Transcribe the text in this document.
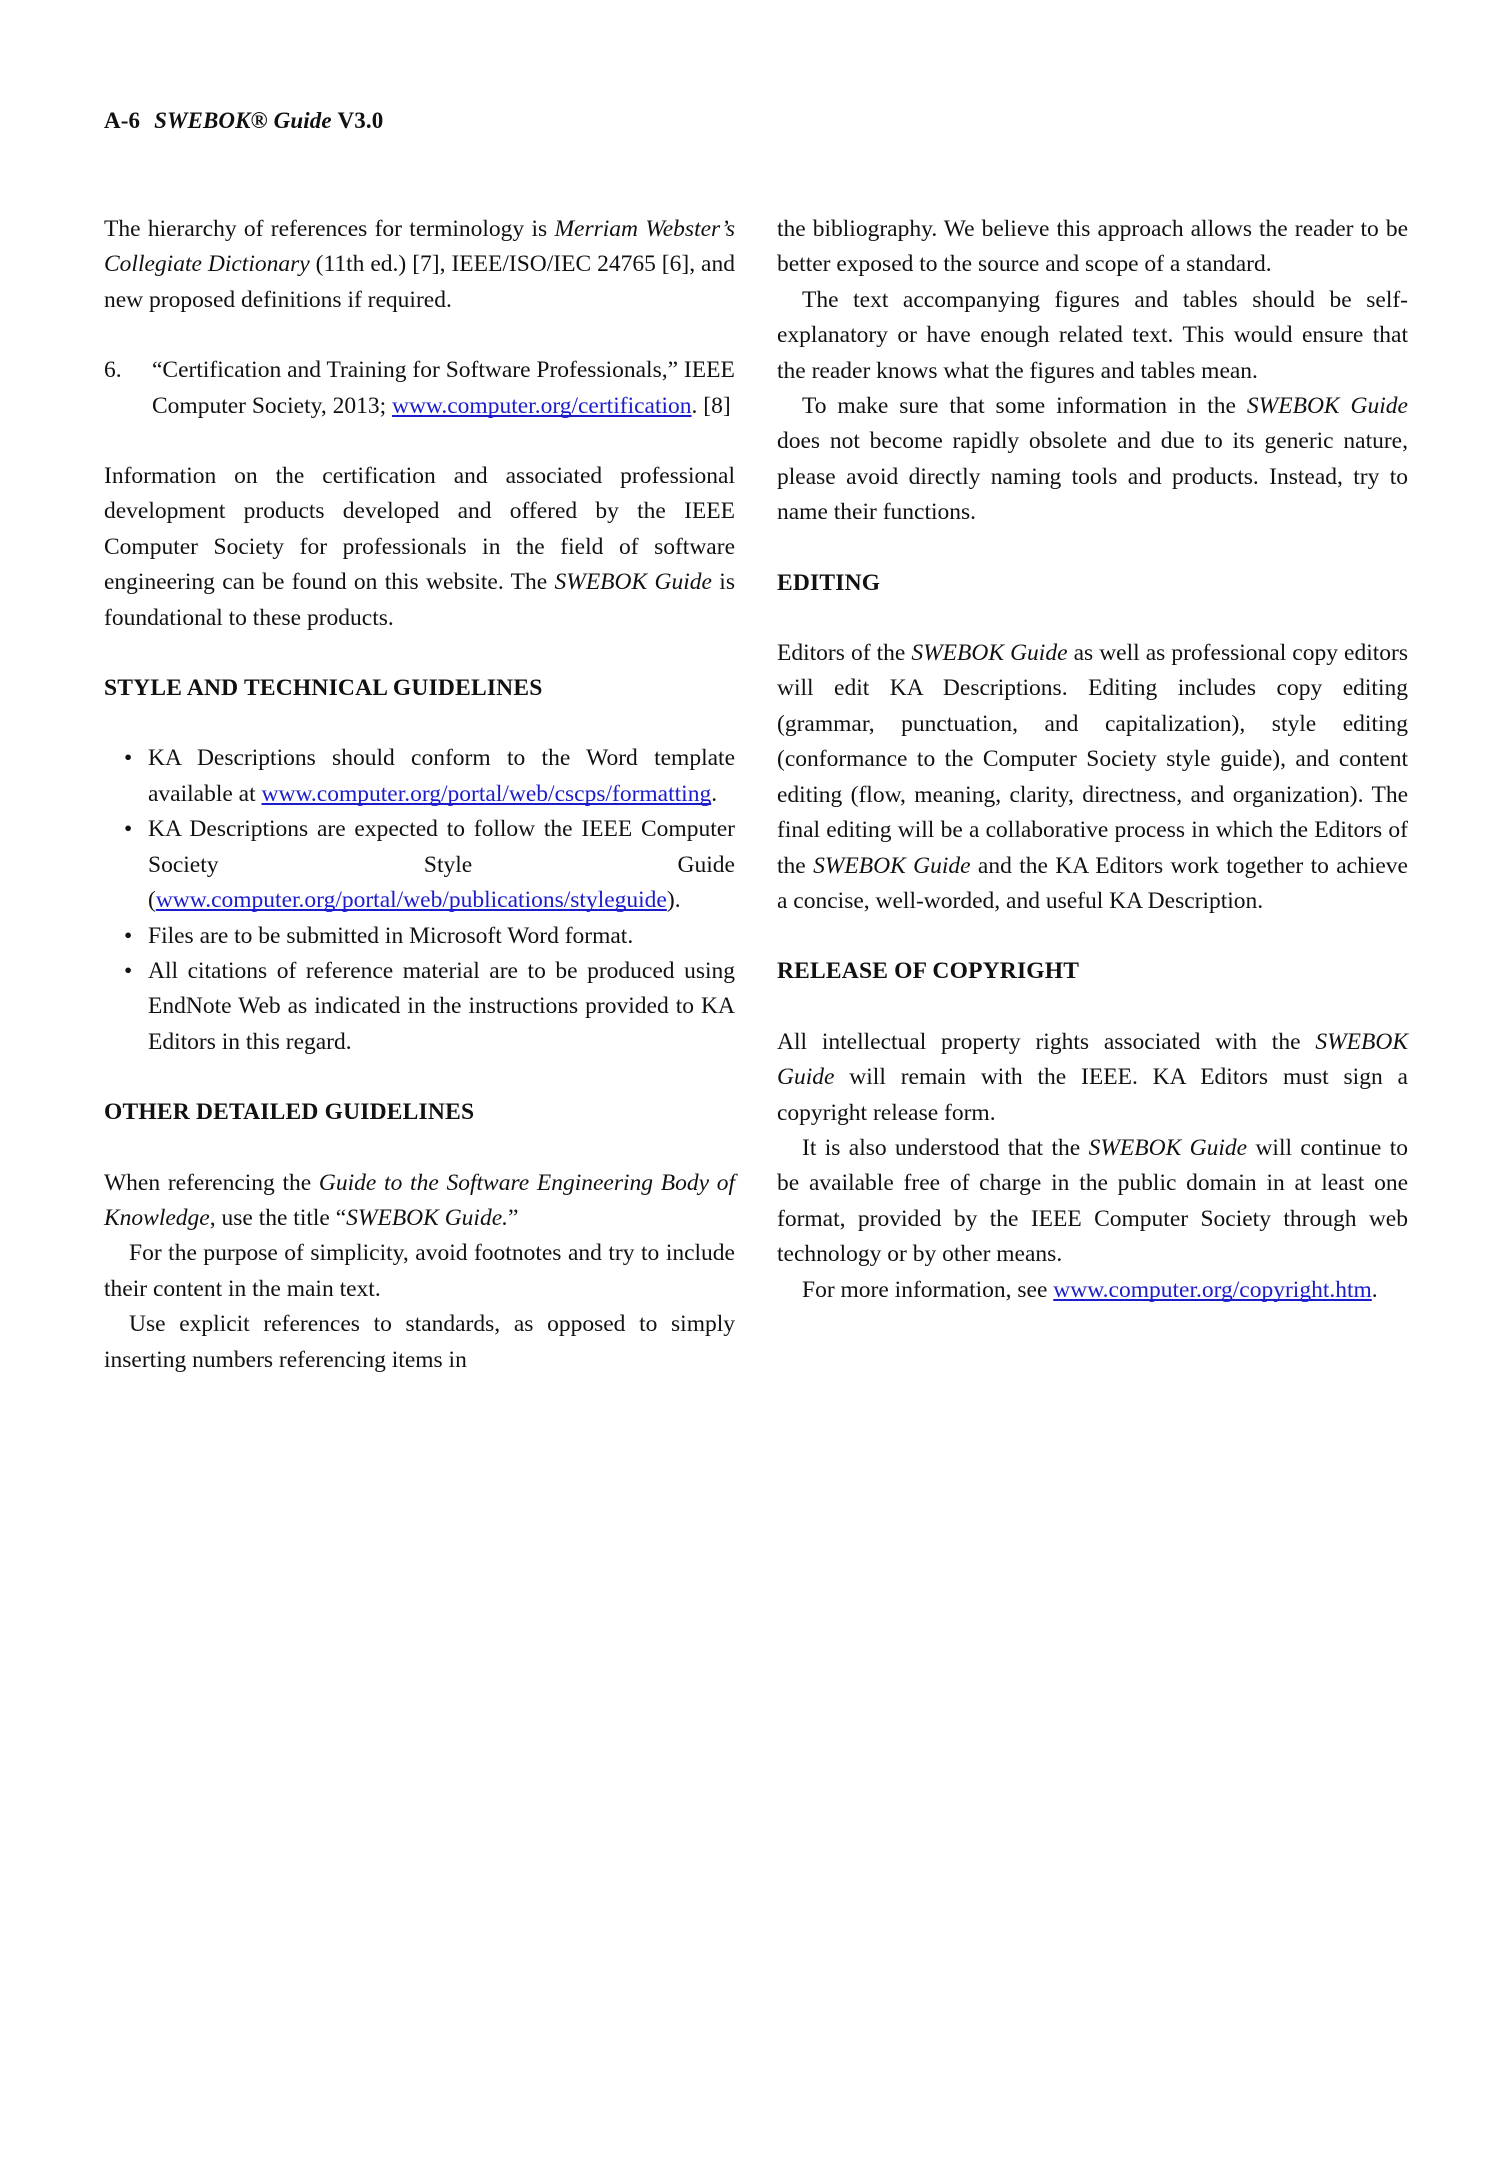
A-6 SWEBOK® Guide V3.0

The hierarchy of references for terminology is Merriam Webster’s Collegiate Dictionary (11th ed.) [7], IEEE/ISO/IEC 24765 [6], and new proposed definitions if required.

6. “Certification and Training for Software Professionals,” IEEE Computer Society, 2013; www.computer.org/certification. [8]

Information on the certification and associated professional development products developed and offered by the IEEE Computer Society for professionals in the field of software engineering can be found on this website. The SWEBOK Guide is foundational to these products.

STYLE AND TECHNICAL GUIDELINES
• KA Descriptions should conform to the Word template available at www.computer.org/portal/web/cscps/formatting.
• KA Descriptions are expected to follow the IEEE Computer Society Style Guide (www.computer.org/portal/web/publications/styleguide).
• Files are to be submitted in Microsoft Word format.
• All citations of reference material are to be produced using EndNote Web as indicated in the instructions provided to KA Editors in this regard.
OTHER DETAILED GUIDELINES

When referencing the Guide to the Software Engineering Body of Knowledge, use the title “SWEBOK Guide.”

For the purpose of simplicity, avoid footnotes and try to include their content in the main text.

Use explicit references to standards, as opposed to simply inserting numbers referencing items in

the bibliography. We believe this approach allows the reader to be better exposed to the source and scope of a standard.

The text accompanying figures and tables should be self-explanatory or have enough related text. This would ensure that the reader knows what the figures and tables mean.

To make sure that some information in the SWEBOK Guide does not become rapidly obsolete and due to its generic nature, please avoid directly naming tools and products. Instead, try to name their functions.

EDITING

Editors of the SWEBOK Guide as well as professional copy editors will edit KA Descriptions. Editing includes copy editing (grammar, punctuation, and capitalization), style editing (conformance to the Computer Society style guide), and content editing (flow, meaning, clarity, directness, and organization). The final editing will be a collaborative process in which the Editors of the SWEBOK Guide and the KA Editors work together to achieve a concise, well-worded, and useful KA Description.

RELEASE OF COPYRIGHT

All intellectual property rights associated with the SWEBOK Guide will remain with the IEEE. KA Editors must sign a copyright release form.

It is also understood that the SWEBOK Guide will continue to be available free of charge in the public domain in at least one format, provided by the IEEE Computer Society through web technology or by other means.

For more information, see www.computer.org/copyright.htm.
